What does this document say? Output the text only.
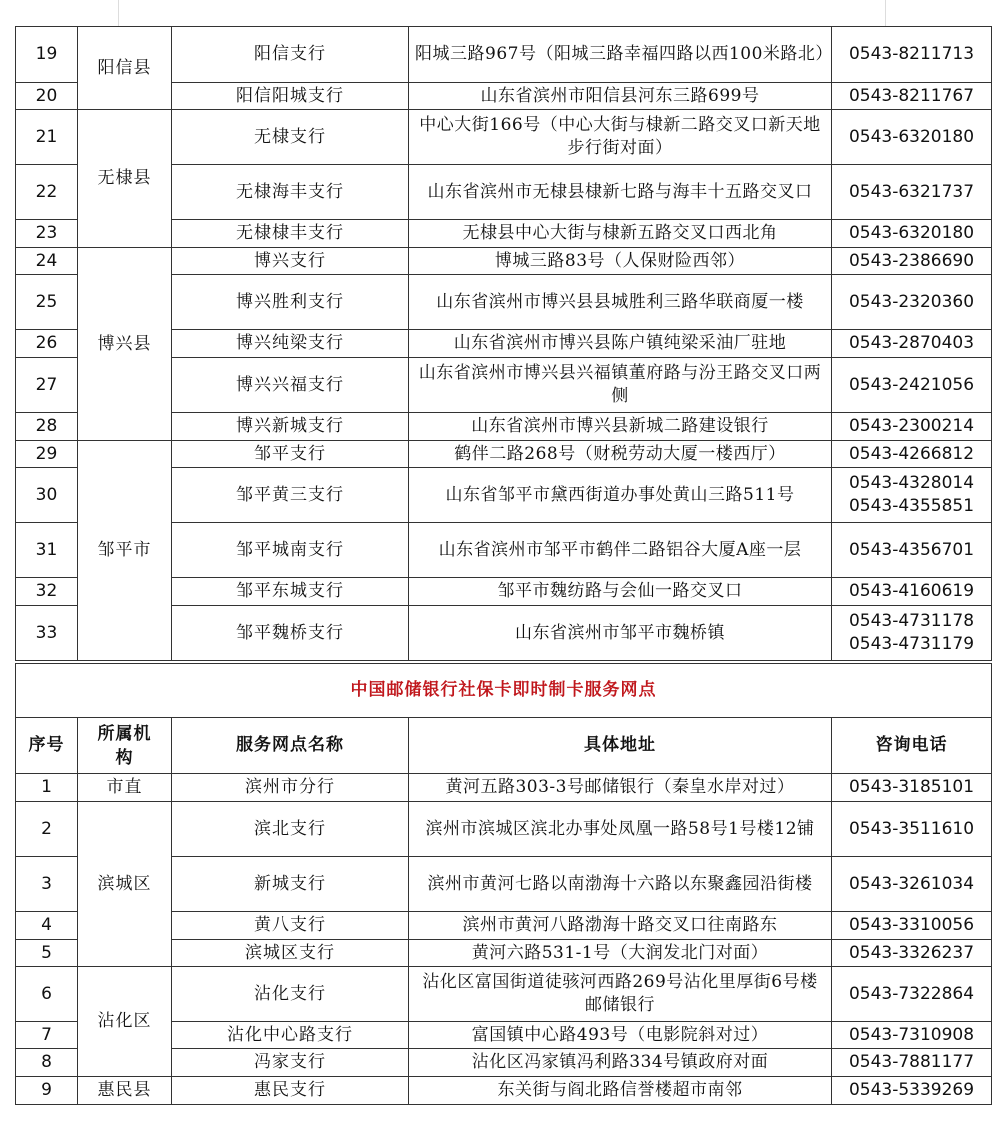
19	阳信县	阳信支行	阳城三路967号（阳城三路幸福四路以西100米路北）	0543-8211713

20		阳信阳城支行	山东省滨州市阳信县河东三路699号	0543-8211767

21	无棣县	无棣支行	中心大街166号（中心大街与棣新二路交叉口新天地步行街对面）	0543-6320180

22		无棣海丰支行	山东省滨州市无棣县棣新七路与海丰十五路交叉口	0543-6321737

23		无棣棣丰支行	无棣县中心大街与棣新五路交叉口西北角	0543-6320180

24	博兴县	博兴支行	博城三路83号（人保财险西邻）	0543-2386690

25		博兴胜利支行	山东省滨州市博兴县县城胜利三路华联商厦一楼	0543-2320360

26		博兴纯梁支行	山东省滨州市博兴县陈户镇纯梁采油厂驻地	0543-2870403

27		博兴兴福支行	山东省滨州市博兴县兴福镇董府路与汾王路交叉口两侧	0543-2421056

28		博兴新城支行	山东省滨州市博兴县新城二路建设银行	0543-2300214

29	邹平市	邹平支行	鹤伴二路268号（财税劳动大厦一楼西厅）	0543-4266812

30		邹平黄三支行	山东省邹平市黛西街道办事处黄山三路511号	0543-4328014
0543-4355851

31		邹平城南支行	山东省滨州市邹平市鹤伴二路铝谷大厦A座一层	0543-4356701

32		邹平东城支行	邹平市魏纺路与会仙一路交叉口	0543-4160619

33		邹平魏桥支行	山东省滨州市邹平市魏桥镇	0543-4731178
0543-4731179
中国邮储银行社保卡即时制卡服务网点				
序号	所属机构	服务网点名称	具体地址	咨询电话
1	市直	滨州市分行	黄河五路303-3号邮储银行（秦皇水岸对过）	0543-3185101

2	滨城区	滨北支行	滨州市滨城区滨北办事处凤凰一路58号1号楼12铺	0543-3511610

3		新城支行	滨州市黄河七路以南渤海十六路以东聚鑫园沿街楼	0543-3261034

4		黄八支行	滨州市黄河八路渤海十路交叉口往南路东	0543-3310056

5		滨城区支行	黄河六路531-1号（大润发北门对面）	0543-3326237

6	沾化区	沾化支行	沾化区富国街道徒骇河西路269号沾化里厚街6号楼邮储银行	0543-7322864

7		沾化中心路支行	富国镇中心路493号（电影院斜对过）	0543-7310908

8		冯家支行	沾化区冯家镇冯利路334号镇政府对面	0543-7881177

9	惠民县	惠民支行	东关街与阎北路信誉楼超市南邻	0543-5339269
